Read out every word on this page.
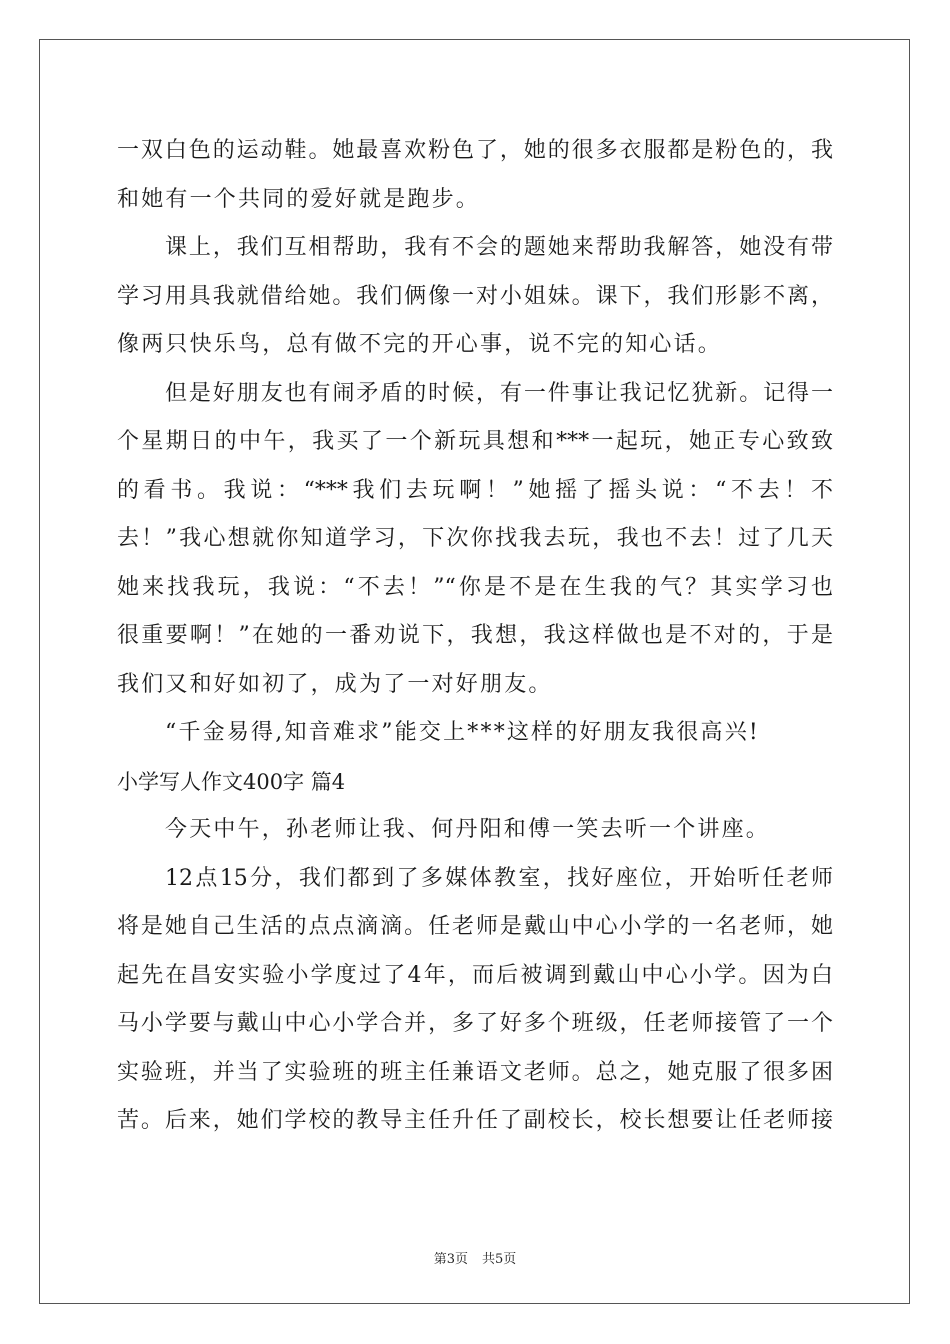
一双白色的运动鞋。她最喜欢粉色了，她的很多衣服都是粉色的，我
和她有一个共同的爱好就是跑步。
课上，我们互相帮助，我有不会的题她来帮助我解答，她没有带
学习用具我就借给她。我们俩像一对小姐妹。课下，我们形影不离，
像两只快乐鸟，总有做不完的开心事，说不完的知心话。
但是好朋友也有闹矛盾的时候，有一件事让我记忆犹新。记得一
个星期日的中午，我买了一个新玩具想和***一起玩，她正专心致致
的看书。我说：“***我们去玩啊！”她摇了摇头说：“不去！不
去！”我心想就你知道学习，下次你找我去玩，我也不去！过了几天
她来找我玩，我说：“不去！”“你是不是在生我的气？其实学习也
很重要啊！”在她的一番劝说下，我想，我这样做也是不对的，于是
我们又和好如初了，成为了一对好朋友。
“千金易得,知音难求”能交上***这样的好朋友我很高兴!
小学写人作文400字 篇4
今天中午，孙老师让我、何丹阳和傅一笑去听一个讲座。
12点15分，我们都到了多媒体教室，找好座位，开始听任老师
将是她自己生活的点点滴滴。任老师是戴山中心小学的一名老师，她
起先在昌安实验小学度过了4年，而后被调到戴山中心小学。因为白
马小学要与戴山中心小学合并，多了好多个班级，任老师接管了一个
实验班，并当了实验班的班主任兼语文老师。总之，她克服了很多困
苦。后来，她们学校的教导主任升任了副校长，校长想要让任老师接
第3页 共5页
